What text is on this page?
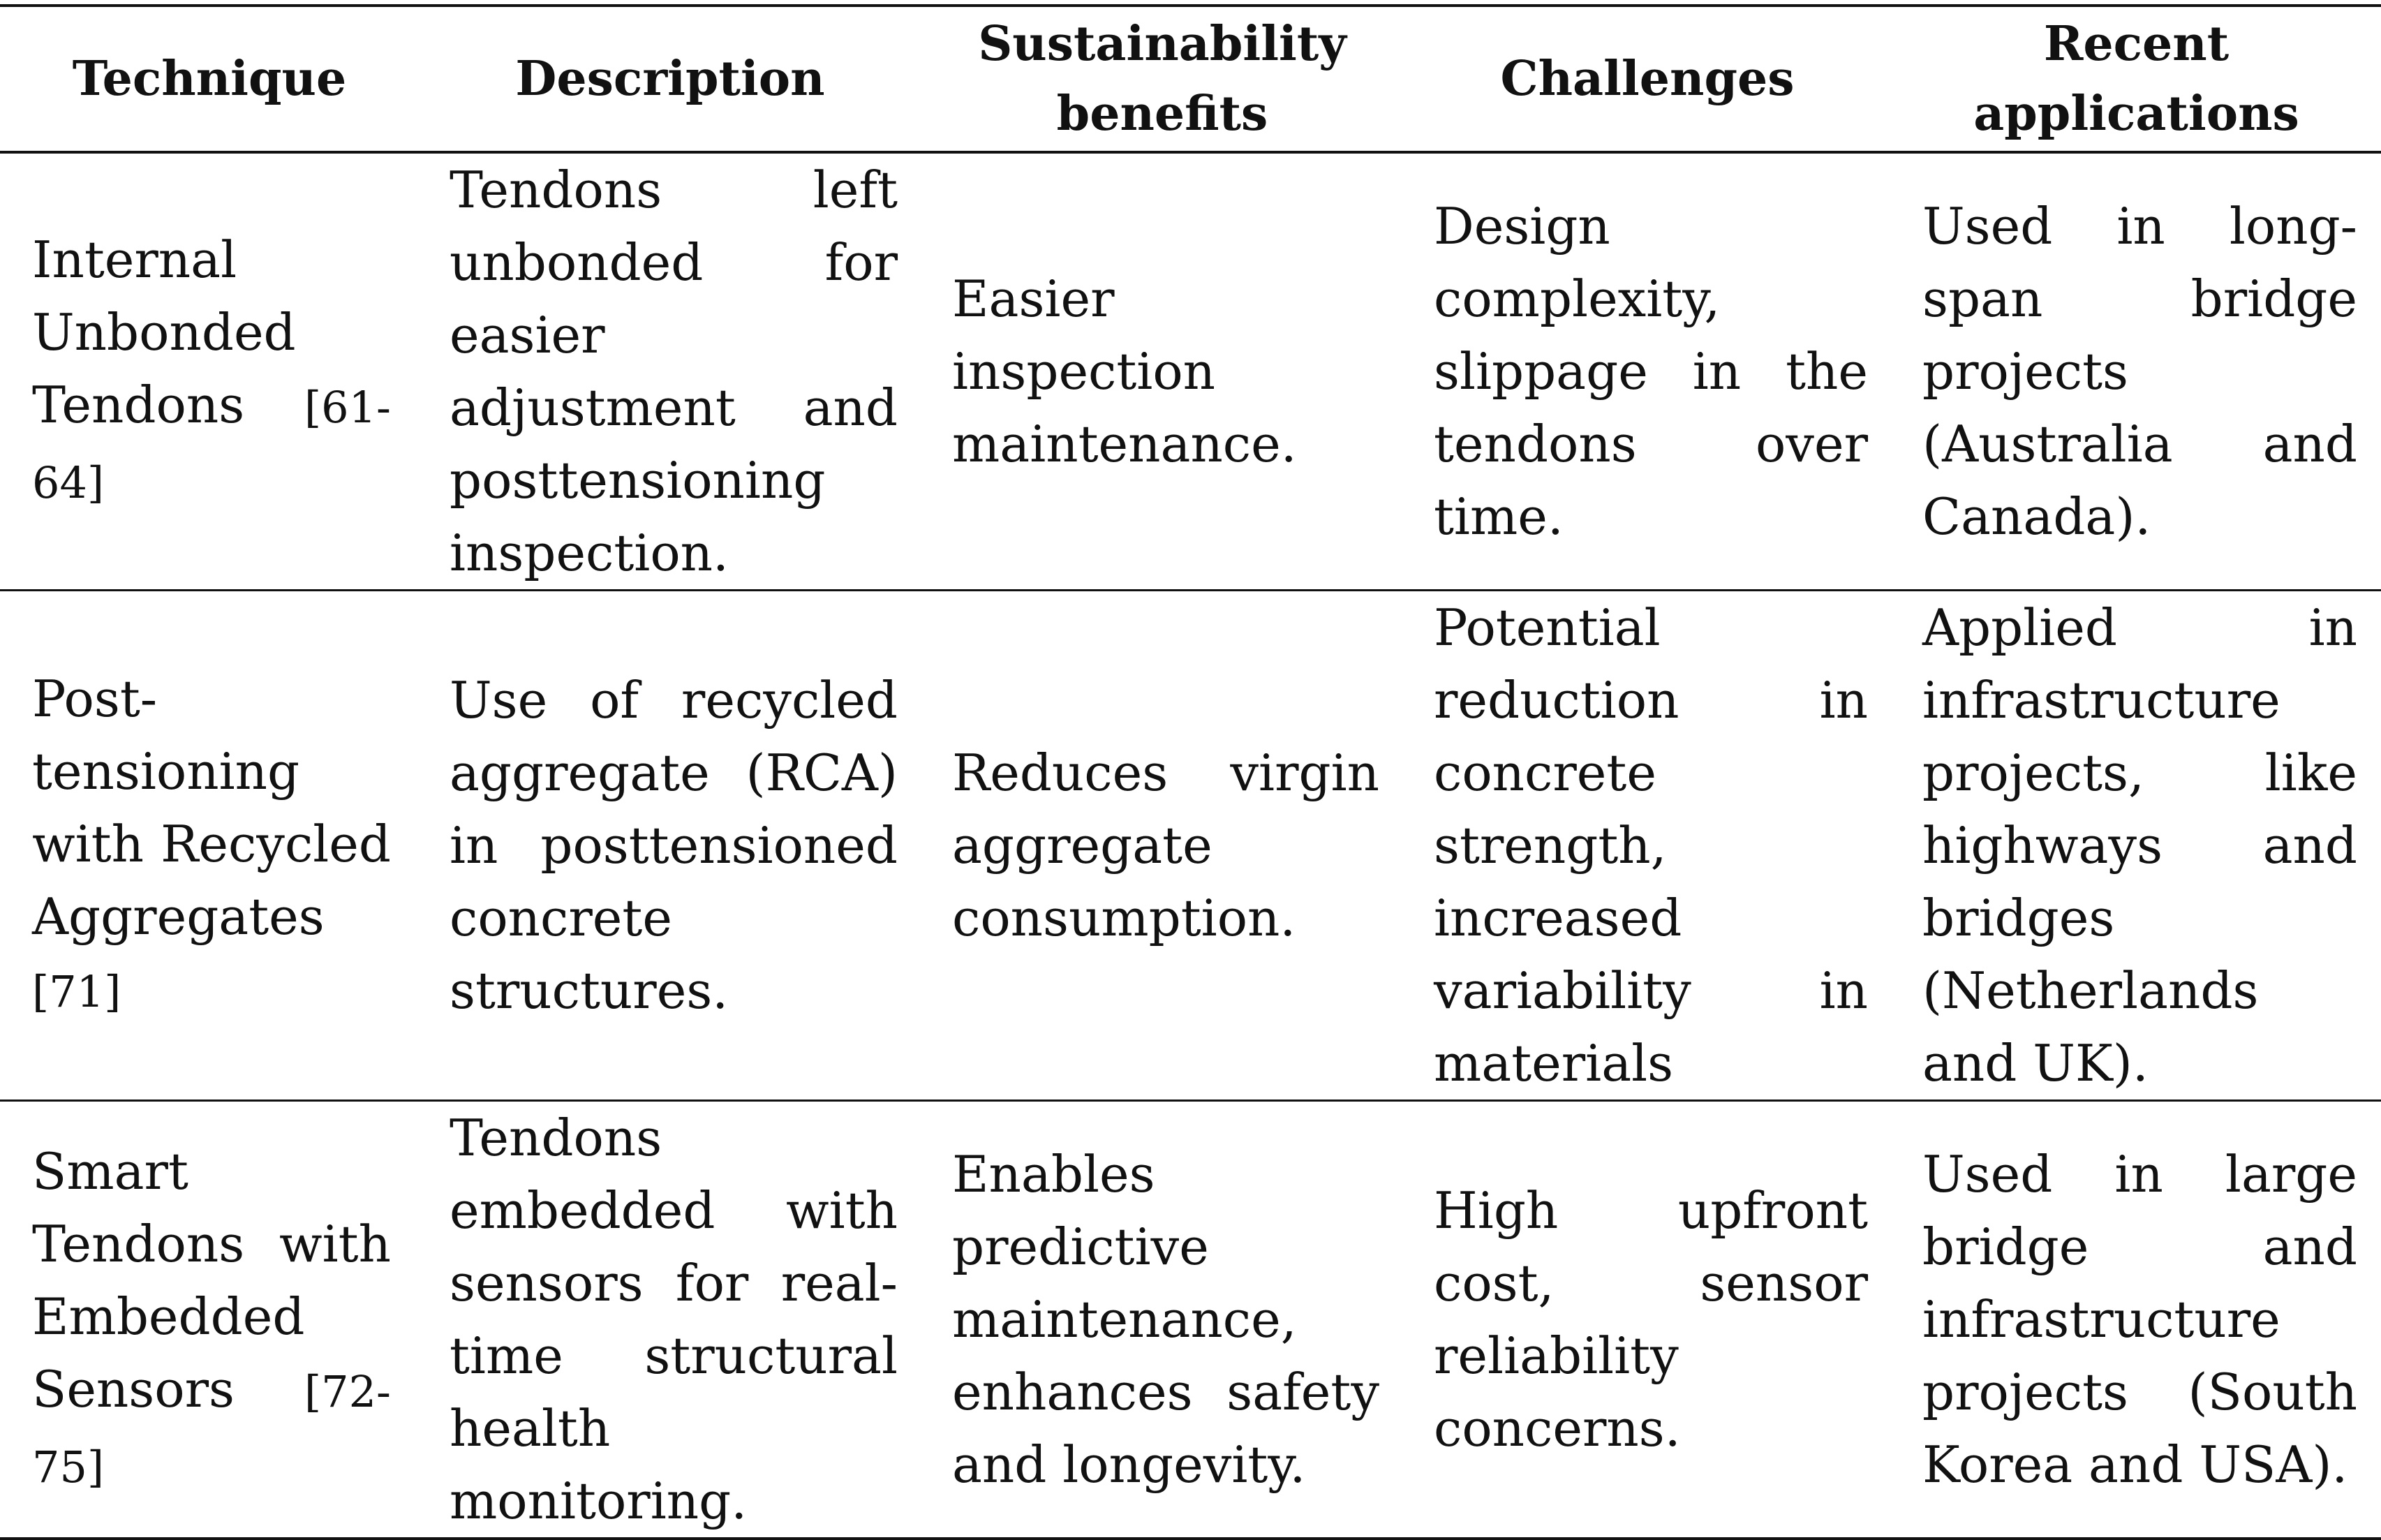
Technique	Description	Sustainability benefits	Challenges	Recent applications
Internal Unbonded Tendons [61-64]	Tendons left unbonded for easier adjustment and posttensioning inspection.	Easier inspection maintenance.	Design complexity, slippage in the tendons over time.	Used in long-span bridge projects (Australia and Canada).
Post-tensioning with Recycled Aggregates [71]	Use of recycled aggregate (RCA) in posttensioned concrete structures.	Reduces virgin aggregate consumption.	Potential reduction in concrete strength, increased variability in materials	Applied in infrastructure projects, like highways and bridges (Netherlands and UK).
Smart Tendons with Embedded Sensors [72-75]	Tendons embedded with sensors for real-time structural health monitoring.	Enables predictive maintenance, enhances safety and longevity.	High upfront cost, sensor reliability concerns.	Used in large bridge and infrastructure projects (South Korea and USA).
